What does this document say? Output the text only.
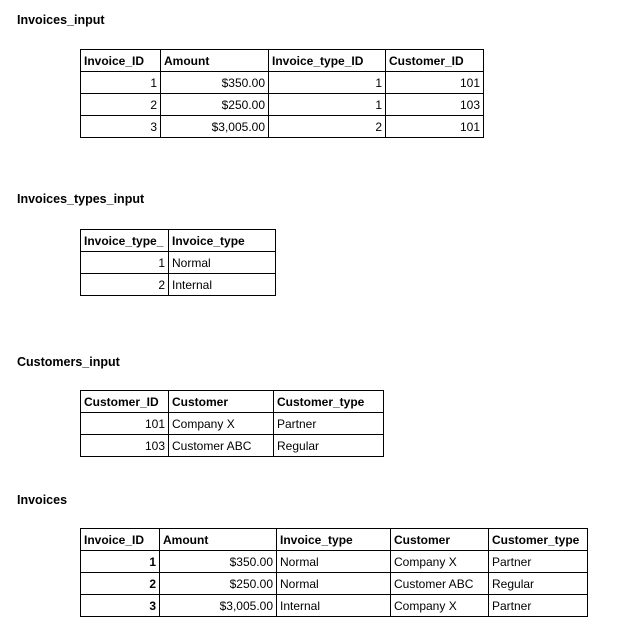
Invoices_input
Invoice_ID	Amount	Invoice_type_ID	Customer_ID
1	$350.00	1	101
2	$250.00	1	103
3	$3,005.00	2	101
Invoices_types_input
Invoice_type_	Invoice_type
1	Normal
2	Internal
Customers_input
Customer_ID	Customer	Customer_type
101	Company X	Partner
103	Customer ABC	Regular
Invoices
Invoice_ID	Amount	Invoice_type	Customer	Customer_type
1	$350.00	Normal	Company X	Partner
2	$250.00	Normal	Customer ABC	Regular
3	$3,005.00	Internal	Company X	Partner
